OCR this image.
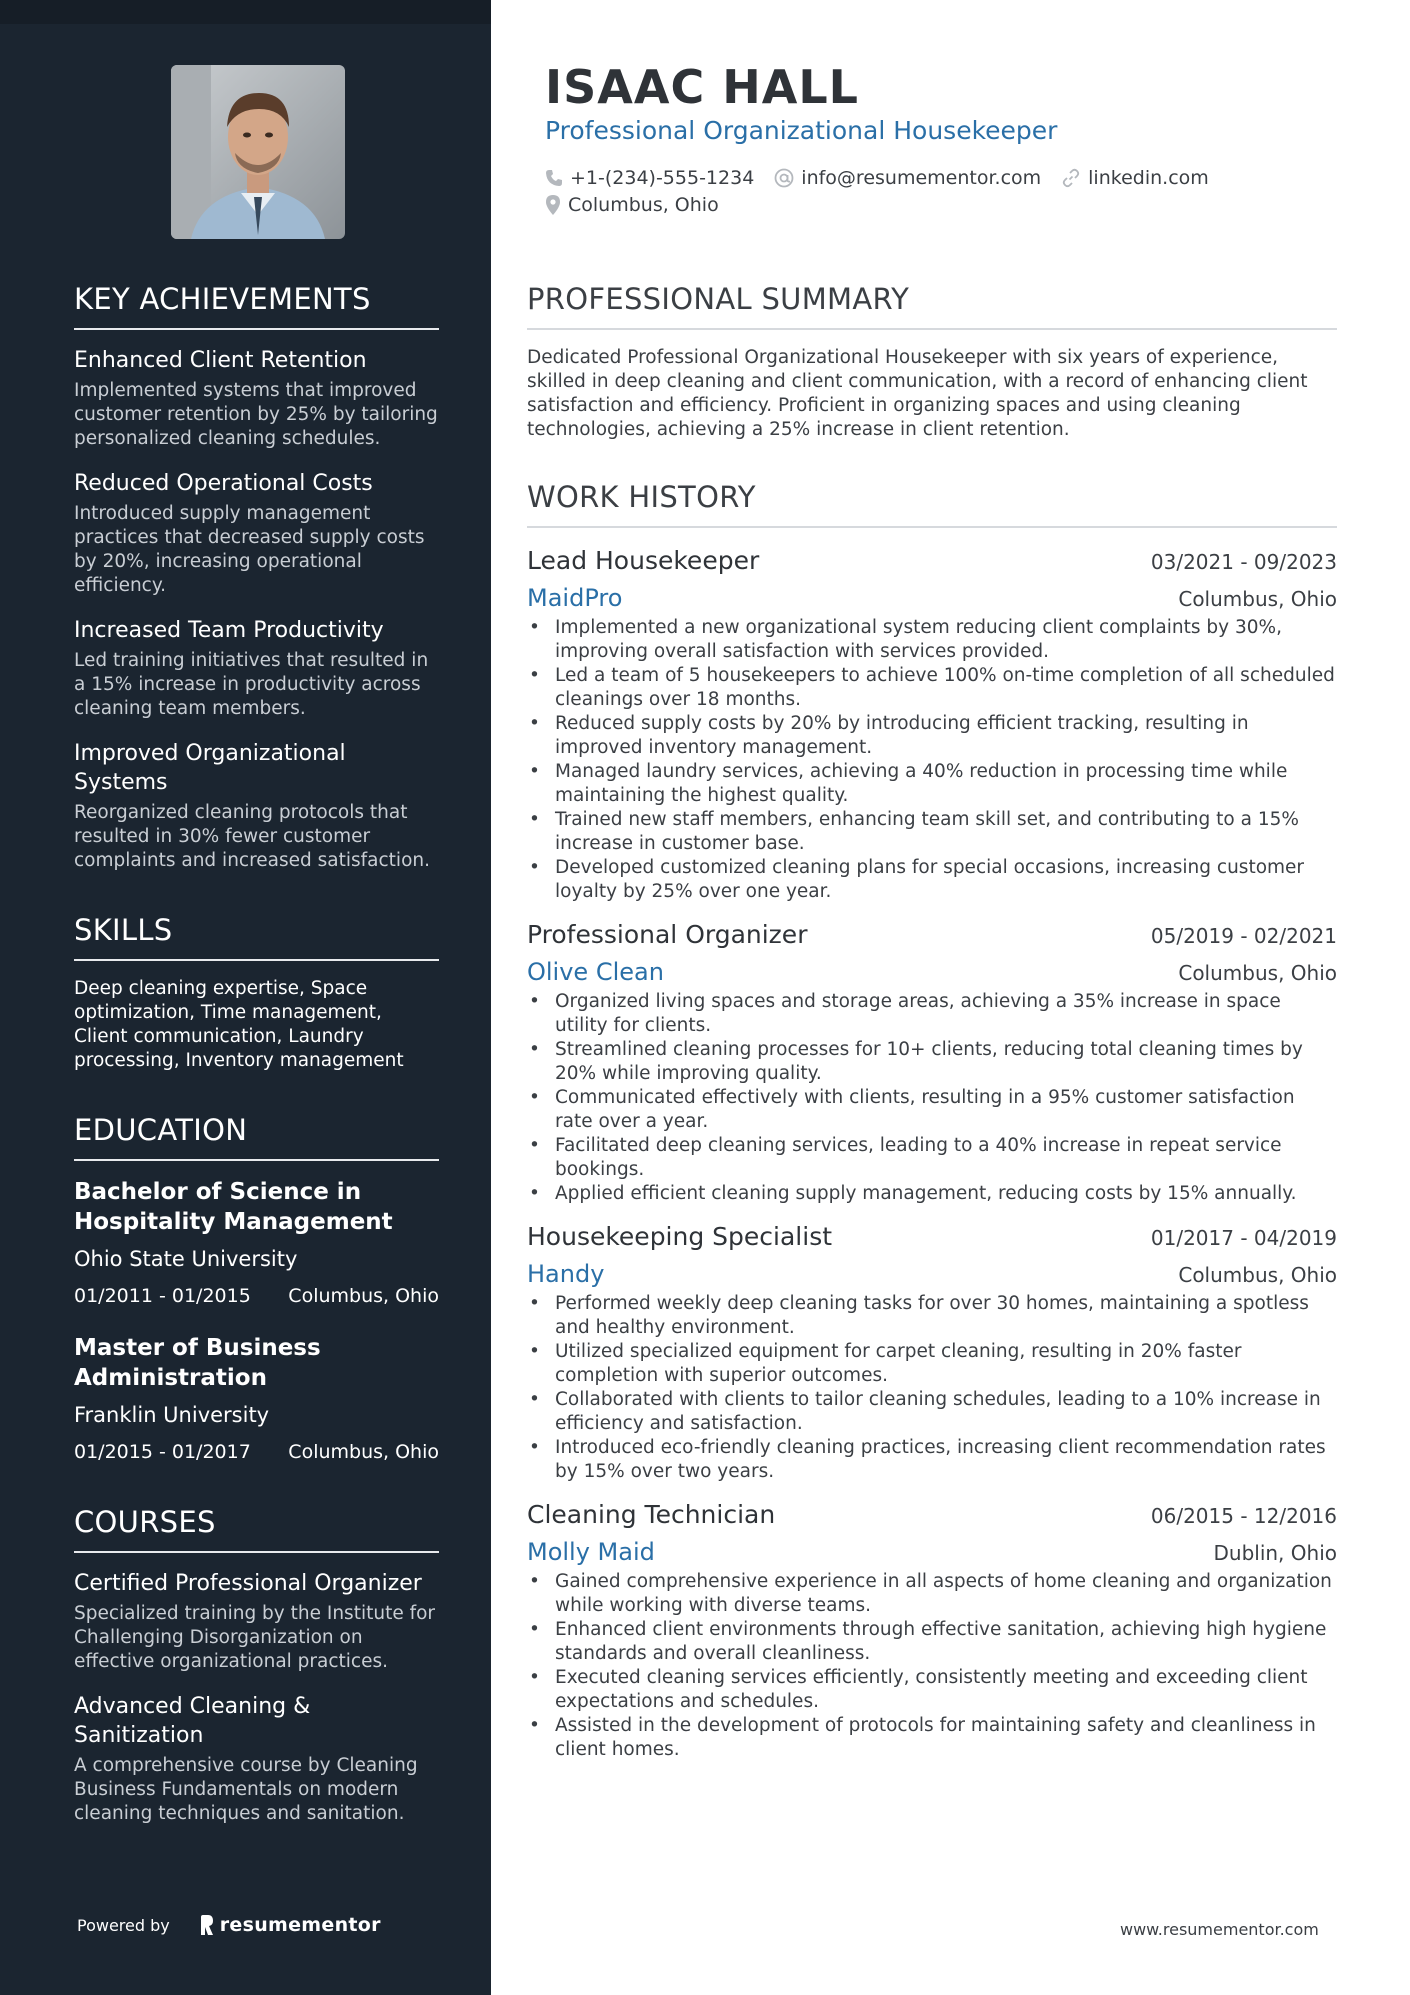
KEY ACHIEVEMENTS
Enhanced Client Retention
Implemented systems that improved customer retention by 25% by tailoring personalized cleaning schedules.
Reduced Operational Costs
Introduced supply management practices that decreased supply costs by 20%, increasing operational efficiency.
Increased Team Productivity
Led training initiatives that resulted in a 15% increase in productivity across cleaning team members.
Improved Organizational Systems
Reorganized cleaning protocols that resulted in 30% fewer customer complaints and increased satisfaction.
SKILLS
Deep cleaning expertise, Space optimization, Time management, Client communication, Laundry processing, Inventory management
EDUCATION
Bachelor of Science in Hospitality Management
Ohio State University
01/2011 - 01/2015 Columbus, Ohio
Master of Business Administration
Franklin University
01/2015 - 01/2017 Columbus, Ohio
COURSES
Certified Professional Organizer
Specialized training by the Institute for Challenging Disorganization on effective organizational practices.
Advanced Cleaning & Sanitization
A comprehensive course by Cleaning Business Fundamentals on modern cleaning techniques and sanitation.
Powered by	resumementor
ISAAC HALL
Professional Organizational Housekeeper
+1-(234)-555-1234 info@resumementor.com linkedin.com
Columbus, Ohio
PROFESSIONAL SUMMARY
Dedicated Professional Organizational Housekeeper with six years of experience, skilled in deep cleaning and client communication, with a record of enhancing client satisfaction and efficiency. Proficient in organizing spaces and using cleaning technologies, achieving a 25% increase in client retention.
WORK HISTORY
Lead Housekeeper	03/2021 - 09/2023
MaidPro	Columbus, Ohio
• Implemented a new organizational system reducing client complaints by 30%, improving overall satisfaction with services provided.
• Led a team of 5 housekeepers to achieve 100% on-time completion of all scheduled cleanings over 18 months.
• Reduced supply costs by 20% by introducing efficient tracking, resulting in improved inventory management.
• Managed laundry services, achieving a 40% reduction in processing time while maintaining the highest quality.
• Trained new staff members, enhancing team skill set, and contributing to a 15% increase in customer base.
• Developed customized cleaning plans for special occasions, increasing customer loyalty by 25% over one year.
Professional Organizer	05/2019 - 02/2021
Olive Clean	Columbus, Ohio
• Organized living spaces and storage areas, achieving a 35% increase in space utility for clients.
• Streamlined cleaning processes for 10+ clients, reducing total cleaning times by 20% while improving quality.
• Communicated effectively with clients, resulting in a 95% customer satisfaction rate over a year.
• Facilitated deep cleaning services, leading to a 40% increase in repeat service bookings.
• Applied efficient cleaning supply management, reducing costs by 15% annually.
Housekeeping Specialist	01/2017 - 04/2019
Handy	Columbus, Ohio
• Performed weekly deep cleaning tasks for over 30 homes, maintaining a spotless and healthy environment.
• Utilized specialized equipment for carpet cleaning, resulting in 20% faster completion with superior outcomes.
• Collaborated with clients to tailor cleaning schedules, leading to a 10% increase in efficiency and satisfaction.
• Introduced eco-friendly cleaning practices, increasing client recommendation rates by 15% over two years.
Cleaning Technician	06/2015 - 12/2016
Molly Maid	Dublin, Ohio
• Gained comprehensive experience in all aspects of home cleaning and organization while working with diverse teams.
• Enhanced client environments through effective sanitation, achieving high hygiene standards and overall cleanliness.
• Executed cleaning services efficiently, consistently meeting and exceeding client expectations and schedules.
• Assisted in the development of protocols for maintaining safety and cleanliness in client homes.
www.resumementor.com
